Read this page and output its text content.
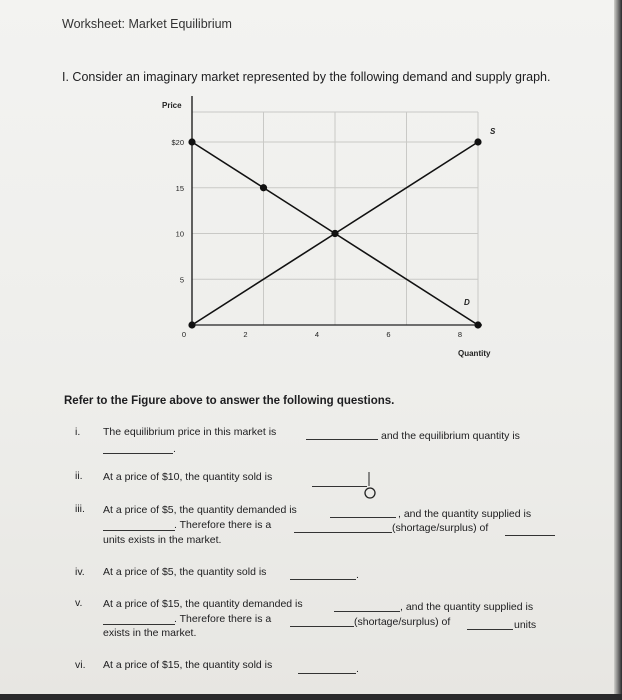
Worksheet: Market Equilibrium
I. Consider an imaginary market represented by the following demand and supply graph.
Price
Quantity
5
10
15
$20
0	2	4	6	8
D
S
Refer to the Figure above to answer the following questions.
i. The equilibrium price in this market is	and the equilibrium quantity is
.
ii. At a price of $10, the quantity sold is
iii. At a price of $5, the quantity demanded is	, and the quantity supplied is
. Therefore there is a	(shortage/surplus) of
units exists in the market.
iv. At a price of $5, the quantity sold is	.
v. At a price of $15, the quantity demanded is	, and the quantity supplied is
. Therefore there is a	(shortage/surplus) of	units
exists in the market.
vi. At a price of $15, the quantity sold is	.
